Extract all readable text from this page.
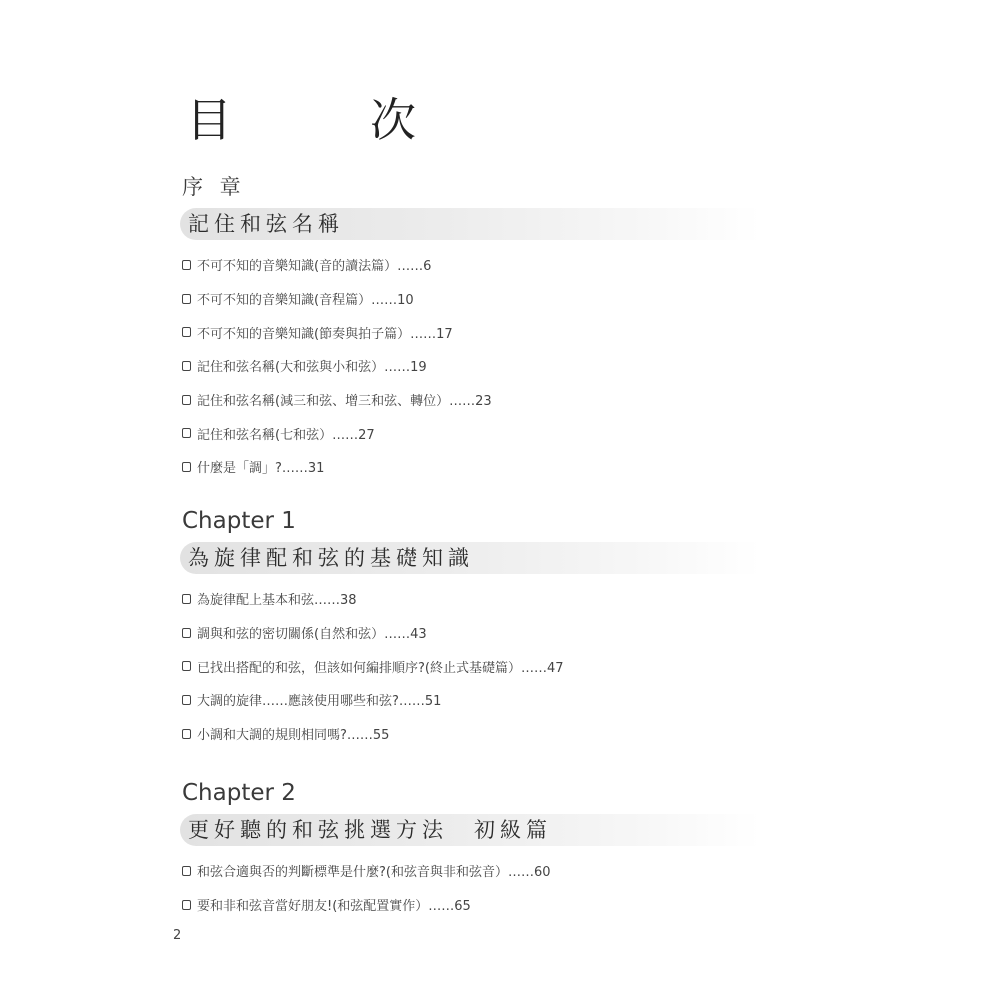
目　次
序 章
記住和弦名稱
不可不知的音樂知識(音的讀法篇）……6
不可不知的音樂知識(音程篇）……10
不可不知的音樂知識(節奏與拍子篇）……17
記住和弦名稱(大和弦與小和弦）……19
記住和弦名稱(減三和弦、增三和弦、轉位）……23
記住和弦名稱(七和弦）……27
什麼是「調」?……31
Chapter 1
為旋律配和弦的基礎知識
為旋律配上基本和弦……38
調與和弦的密切關係(自然和弦）……43
已找出搭配的和弦，但該如何編排順序?(終止式基礎篇）……47
大調的旋律……應該使用哪些和弦?……51
小調和大調的規則相同嗎?……55
Chapter 2
更好聽的和弦挑選方法　初級篇
和弦合適與否的判斷標準是什麼?(和弦音與非和弦音）……60
要和非和弦音當好朋友!(和弦配置實作）……65
2
